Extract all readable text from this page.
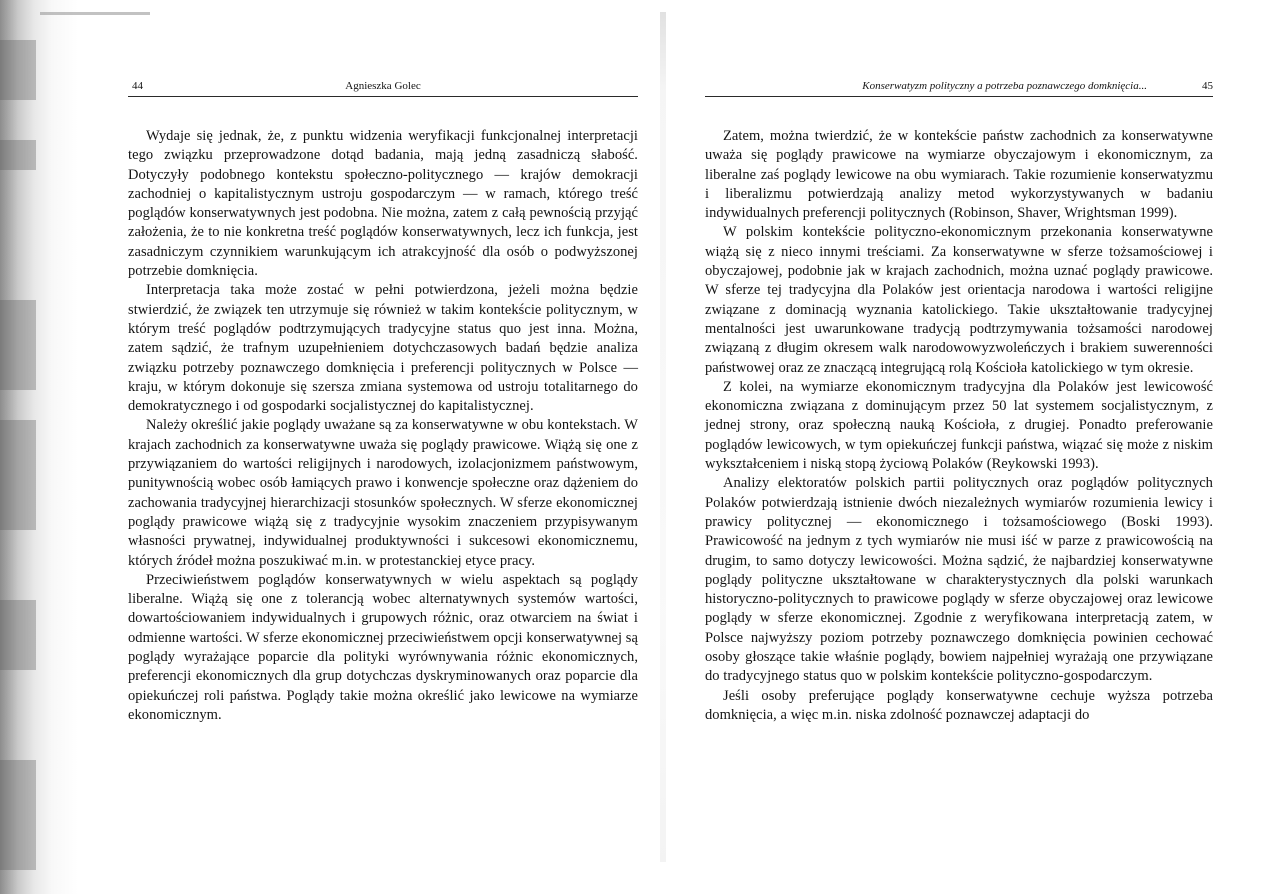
44	Agnieszka Golec

Wydaje się jednak, że, z punktu widzenia weryfikacji funkcjonalnej interpretacji tego związku przeprowadzone dotąd badania, mają jedną zasadniczą słabość. Dotyczyły podobnego kontekstu społeczno-politycznego — krajów demokracji zachodniej o kapitalistycznym ustroju gospodarczym — w ramach, którego treść poglądów konserwatywnych jest podobna. Nie można, zatem z całą pewnością przyjąć założenia, że to nie konkretna treść poglądów konserwatywnych, lecz ich funkcja, jest zasadniczym czynnikiem warunkującym ich atrakcyjność dla osób o podwyższonej potrzebie domknięcia.

Interpretacja taka może zostać w pełni potwierdzona, jeżeli można będzie stwierdzić, że związek ten utrzymuje się również w takim kontekście politycznym, w którym treść poglądów podtrzymujących tradycyjne status quo jest inna. Można, zatem sądzić, że trafnym uzupełnieniem dotychczasowych badań będzie analiza związku potrzeby poznawczego domknięcia i preferencji politycznych w Polsce — kraju, w którym dokonuje się szersza zmiana systemowa od ustroju totalitarnego do demokratycznego i od gospodarki socjalistycznej do kapitalistycznej.

Należy określić jakie poglądy uważane są za konserwatywne w obu kontekstach. W krajach zachodnich za konserwatywne uważa się poglądy prawicowe. Wiążą się one z przywiązaniem do wartości religijnych i narodowych, izolacjonizmem państwowym, punitywnością wobec osób łamiących prawo i konwencje społeczne oraz dążeniem do zachowania tradycyjnej hierarchizacji stosunków społecznych. W sferze ekonomicznej poglądy prawicowe wiążą się z tradycyjnie wysokim znaczeniem przypisywanym własności prywatnej, indywidualnej produktywności i sukcesowi ekonomicznemu, których źródeł można poszukiwać m.in. w protestanckiej etyce pracy.

Przeciwieństwem poglądów konserwatywnych w wielu aspektach są poglądy liberalne. Wiążą się one z tolerancją wobec alternatywnych systemów wartości, dowartościowaniem indywidualnych i grupowych różnic, oraz otwarciem na świat i odmienne wartości. W sferze ekonomicznej przeciwieństwem opcji konserwatywnej są poglądy wyrażające poparcie dla polityki wyrównywania różnic ekonomicznych, preferencji ekonomicznych dla grup dotychczas dyskryminowanych oraz poparcie dla opiekuńczej roli państwa. Poglądy takie można określić jako lewicowe na wymiarze ekonomicznym.

Konserwatyzm polityczny a potrzeba poznawczego domknięcia...	45

Zatem, można twierdzić, że w kontekście państw zachodnich za konserwatywne uważa się poglądy prawicowe na wymiarze obyczajowym i ekonomicznym, za liberalne zaś poglądy lewicowe na obu wymiarach. Takie rozumienie konserwatyzmu i liberalizmu potwierdzają analizy metod wykorzystywanych w badaniu indywidualnych preferencji politycznych (Robinson, Shaver, Wrightsman 1999).

W polskim kontekście polityczno-ekonomicznym przekonania konserwatywne wiążą się z nieco innymi treściami. Za konserwatywne w sferze tożsamościowej i obyczajowej, podobnie jak w krajach zachodnich, można uznać poglądy prawicowe. W sferze tej tradycyjna dla Polaków jest orientacja narodowa i wartości religijne związane z dominacją wyznania katolickiego. Takie ukształtowanie tradycyjnej mentalności jest uwarunkowane tradycją podtrzymywania tożsamości narodowej związaną z długim okresem walk narodowowyzwoleńczych i brakiem suwerenności państwowej oraz ze znaczącą integrującą rolą Kościoła katolickiego w tym okresie.

Z kolei, na wymiarze ekonomicznym tradycyjna dla Polaków jest lewicowość ekonomiczna związana z dominującym przez 50 lat systemem socjalistycznym, z jednej strony, oraz społeczną nauką Kościoła, z drugiej. Ponadto preferowanie poglądów lewicowych, w tym opiekuńczej funkcji państwa, wiązać się może z niskim wykształceniem i niską stopą życiową Polaków (Reykowski 1993).

Analizy elektoratów polskich partii politycznych oraz poglądów politycznych Polaków potwierdzają istnienie dwóch niezależnych wymiarów rozumienia lewicy i prawicy politycznej — ekonomicznego i tożsamościowego (Boski 1993). Prawicowość na jednym z tych wymiarów nie musi iść w parze z prawicowością na drugim, to samo dotyczy lewicowości. Można sądzić, że najbardziej konserwatywne poglądy polityczne ukształtowane w charakterystycznych dla polski warunkach historyczno-politycznych to prawicowe poglądy w sferze obyczajowej oraz lewicowe poglądy w sferze ekonomicznej. Zgodnie z weryfikowana interpretacją zatem, w Polsce najwyższy poziom potrzeby poznawczego domknięcia powinien cechować osoby głoszące takie właśnie poglądy, bowiem najpełniej wyrażają one przywiązane do tradycyjnego status quo w polskim kontekście polityczno-gospodarczym.

Jeśli osoby preferujące poglądy konserwatywne cechuje wyższa potrzeba domknięcia, a więc m.in. niska zdolność poznawczej adaptacji do
